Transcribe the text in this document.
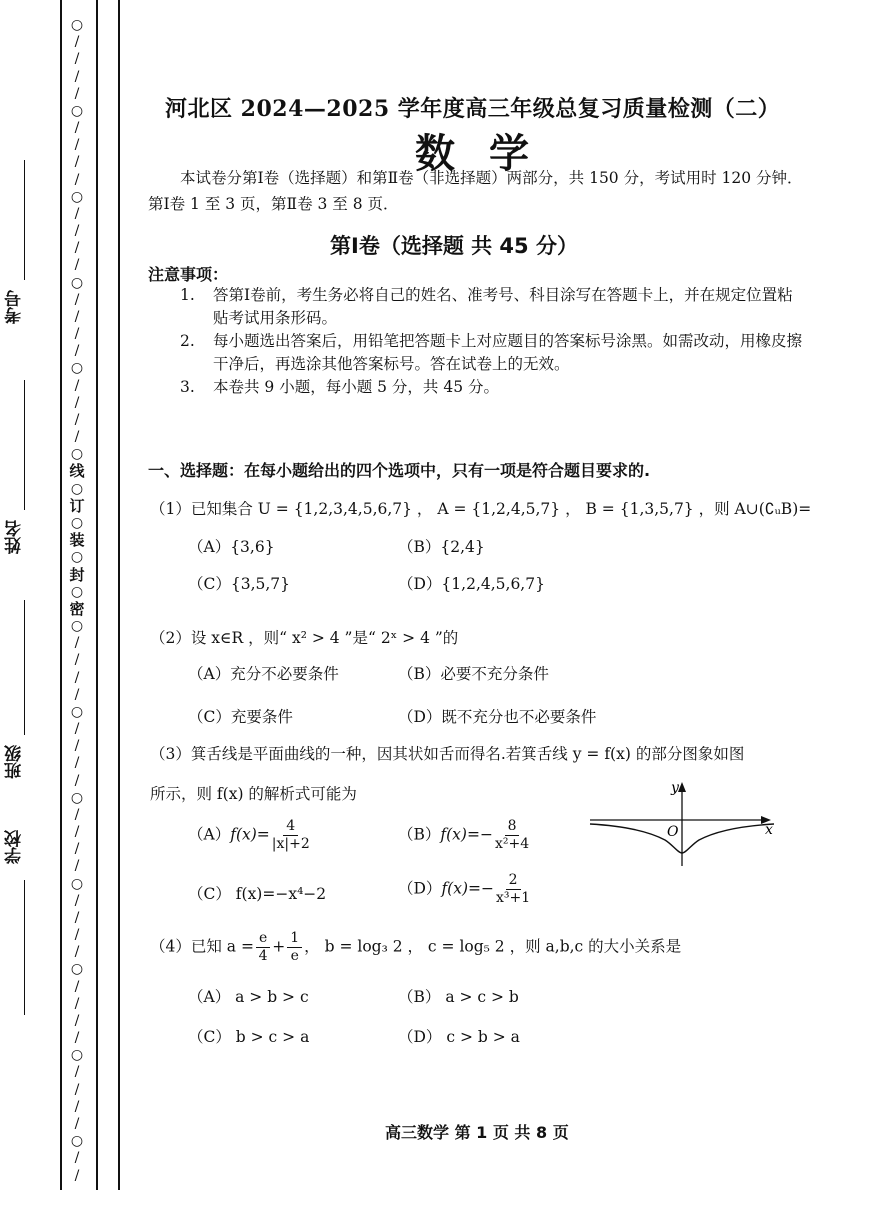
○
/
/
/
/
○
/
/
/
/
○
/
/
/
/
○
/
/
/
/
○
/
/
/
/
○
线
○
订
○
装
○
封
○
密
○
/
/
/
/
○
/
/
/
/
○
/
/
/
/
○
/
/
/
/
○
/
/
/
/
○
/
/
/
/
○
/
/
考号
姓名
班级
学校
河北区 2024—2025 学年度高三年级总复习质量检测（二）
数学
本试卷分第Ⅰ卷（选择题）和第Ⅱ卷（非选择题）两部分，共 150 分，考试用时 120 分钟．第Ⅰ卷 1 至 3 页，第Ⅱ卷 3 至 8 页．
第Ⅰ卷（选择题 共 45 分）
注意事项：
1. 答第Ⅰ卷前，考生务必将自己的姓名、准考号、科目涂写在答题卡上，并在规定位置粘贴考试用条形码。
2. 每小题选出答案后，用铅笔把答题卡上对应题目的答案标号涂黑。如需改动，用橡皮擦干净后，再选涂其他答案标号。答在试卷上的无效。
3. 本卷共 9 小题，每小题 5 分，共 45 分。
一、选择题：在每小题给出的四个选项中，只有一项是符合题目要求的.
（1）已知集合 U = {1,2,3,4,5,6,7} ， A = {1,2,4,5,7} ， B = {1,3,5,7} ，则 A∪(∁ᵤB)=
（A）{3,6}	（B）{2,4}
（C）{3,5,7}	（D）{1,2,4,5,6,7}
（2）设 x∈R ，则“ x² > 4 ”是“ 2ˣ > 4 ”的
（A）充分不必要条件	（B）必要不充分条件
（C）充要条件	（D）既不充分也不必要条件
（3）箕舌线是平面曲线的一种，因其状如舌而得名.若箕舌线 y = f(x) 的部分图象如图
所示，则 f(x) 的解析式可能为
$(A)f(x)= \frac{4}{|x|+2}$	$(B)f(x)=- \frac{8}{\text{x²+4}}$
（C） f(x)=−x⁴−2	$(D)f(x)=- \frac{2}{\text{x³+1}}$
y
x
O
（4）已知 $a = \frac{e}{4} + \frac{1}{e}$ ， b = log₃ 2 ， c = log₅ 2 ，则 a,b,c 的大小关系是
（A） a > b > c	（B） a > c > b
（C） b > c > a	（D） c > b > a
高三数学 第 1 页 共 8 页
